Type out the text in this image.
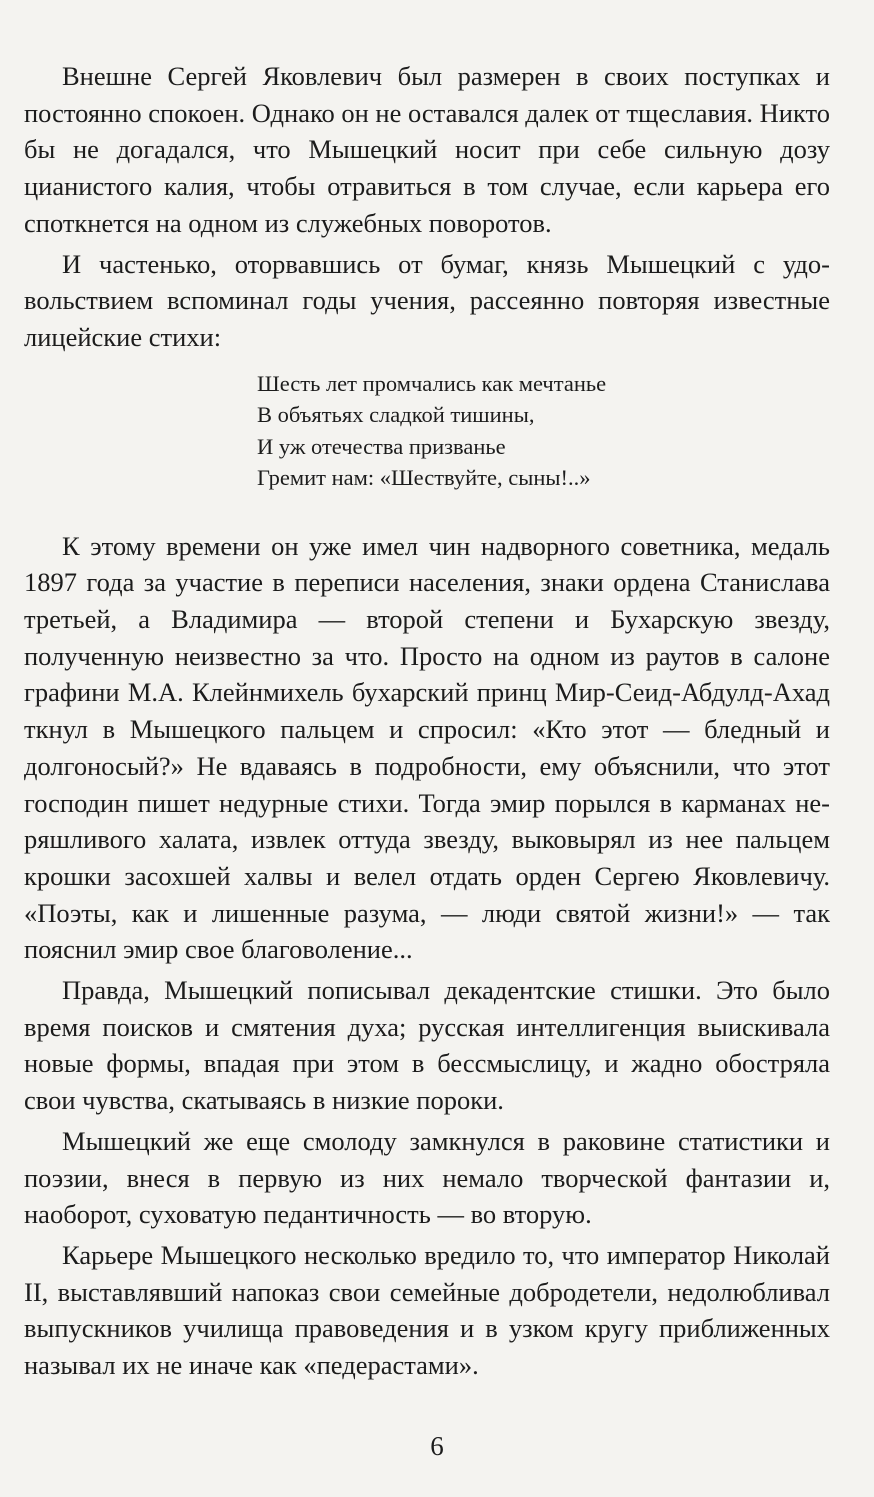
Внешне Сергей Яковлевич был размерен в своих поступках и постоянно спокоен. Однако он не оставался далек от тщеславия. Никто бы не догадался, что Мышецкий носит при себе сильную дозу цианистого калия, чтобы отравиться в том случае, если карьера его споткнется на одном из служебных поворотов.

И частенько, оторвавшись от бумаг, князь Мышецкий с удовольствием вспоминал годы учения, рассеянно повторяя известные лицейские стихи:

Шесть лет промчались как мечтанье
В объятьях сладкой тишины,
И уж отечества призванье
Гремит нам: «Шествуйте, сыны!..»

К этому времени он уже имел чин надворного советника, медаль 1897 года за участие в переписи населения, знаки ордена Станислава третьей, а Владимира — второй степени и Бухарскую звезду, полученную неизвестно за что. Просто на одном из раутов в салоне графини М.А. Клейнмихель бухарский принц Мир-Сеид-Абдулд-Ахад ткнул в Мышецкого пальцем и спросил: «Кто этот — бледный и долгоносый?» Не вдаваясь в подробности, ему объяснили, что этот господин пишет недурные стихи. Тогда эмир порылся в карманах неряшливого халата, извлек оттуда звезду, выковырял из нее пальцем крошки засохшей халвы и велел отдать орден Сергею Яковлевичу. «Поэты, как и лишенные разума, — люди святой жизни!» — так пояснил эмир свое благоволение...

Правда, Мышецкий пописывал декадентские стишки. Это было время поисков и смятения духа; русская интеллигенция выискивала новые формы, впадая при этом в бессмыслицу, и жадно обостряла свои чувства, скатываясь в низкие пороки.

Мышецкий же еще смолоду замкнулся в раковине статистики и поэзии, внеся в первую из них немало творческой фантазии и, наоборот, суховатую педантичность — во вторую.

Карьере Мышецкого несколько вредило то, что император Николай II, выставлявший напоказ свои семейные добродетели, недолюбливал выпускников училища правоведения и в узком кругу приближенных называл их не иначе как «педерастами».

6
